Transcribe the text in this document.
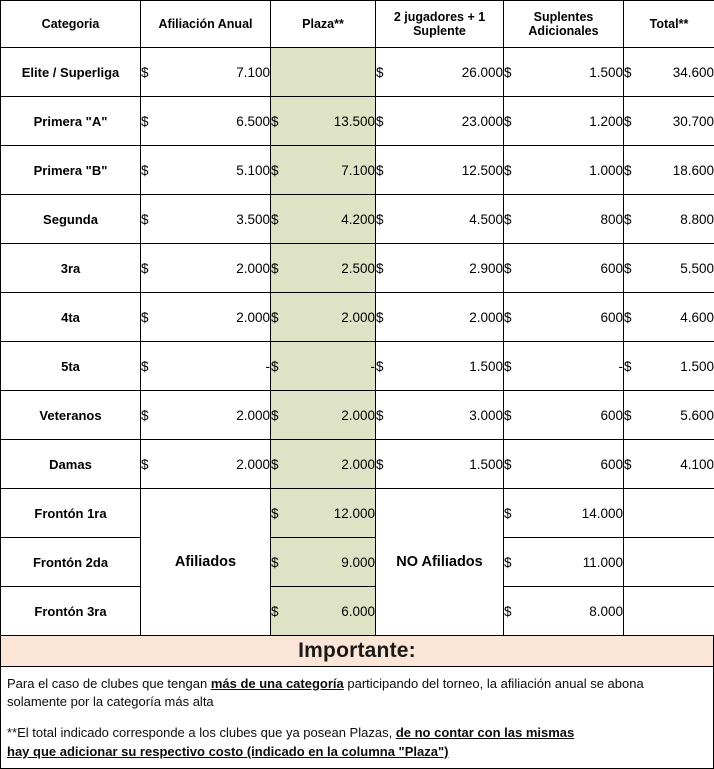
Categoria	Afiliación Anual	Plaza**	2 jugadores + 1 Suplente	Suplentes Adicionales	Total**
Elite / Superliga	$ 7.100		$ 26.000	$ 1.500	$ 34.600

Primera "A"	$ 6.500	$ 13.500	$ 23.000	$ 1.200	$ 30.700

Primera "B"	$ 5.100	$ 7.100	$ 12.500	$ 1.000	$ 18.600

Segunda	$ 3.500	$ 4.200	$ 4.500	$ 800	$ 8.800

3ra	$ 2.000	$ 2.500	$ 2.900	$ 600	$ 5.500

4ta	$ 2.000	$ 2.000	$ 2.000	$ 600	$ 4.600

5ta	$ -	$ -	$ 1.500	$ -	$ 1.500

Veteranos	$ 2.000	$ 2.000	$ 3.000	$ 600	$ 5.600

Damas	$ 2.000	$ 2.000	$ 1.500	$ 600	$ 4.100

Frontón 1ra	Afiliados	$ 12.000	NO Afiliados	$ 14.000	

Frontón 2da		$ 9.000		$ 11.000	

Frontón 3ra		$ 6.000		$ 8.000	

Importante:
Para el caso de clubes que tengan más de una categoría participando del torneo, la afiliación anual se abona solamente por la categoría más alta
**El total indicado corresponde a los clubes que ya posean Plazas, de no contar con las mismas
hay que adicionar su respectivo costo (indicado en la columna "Plaza")
